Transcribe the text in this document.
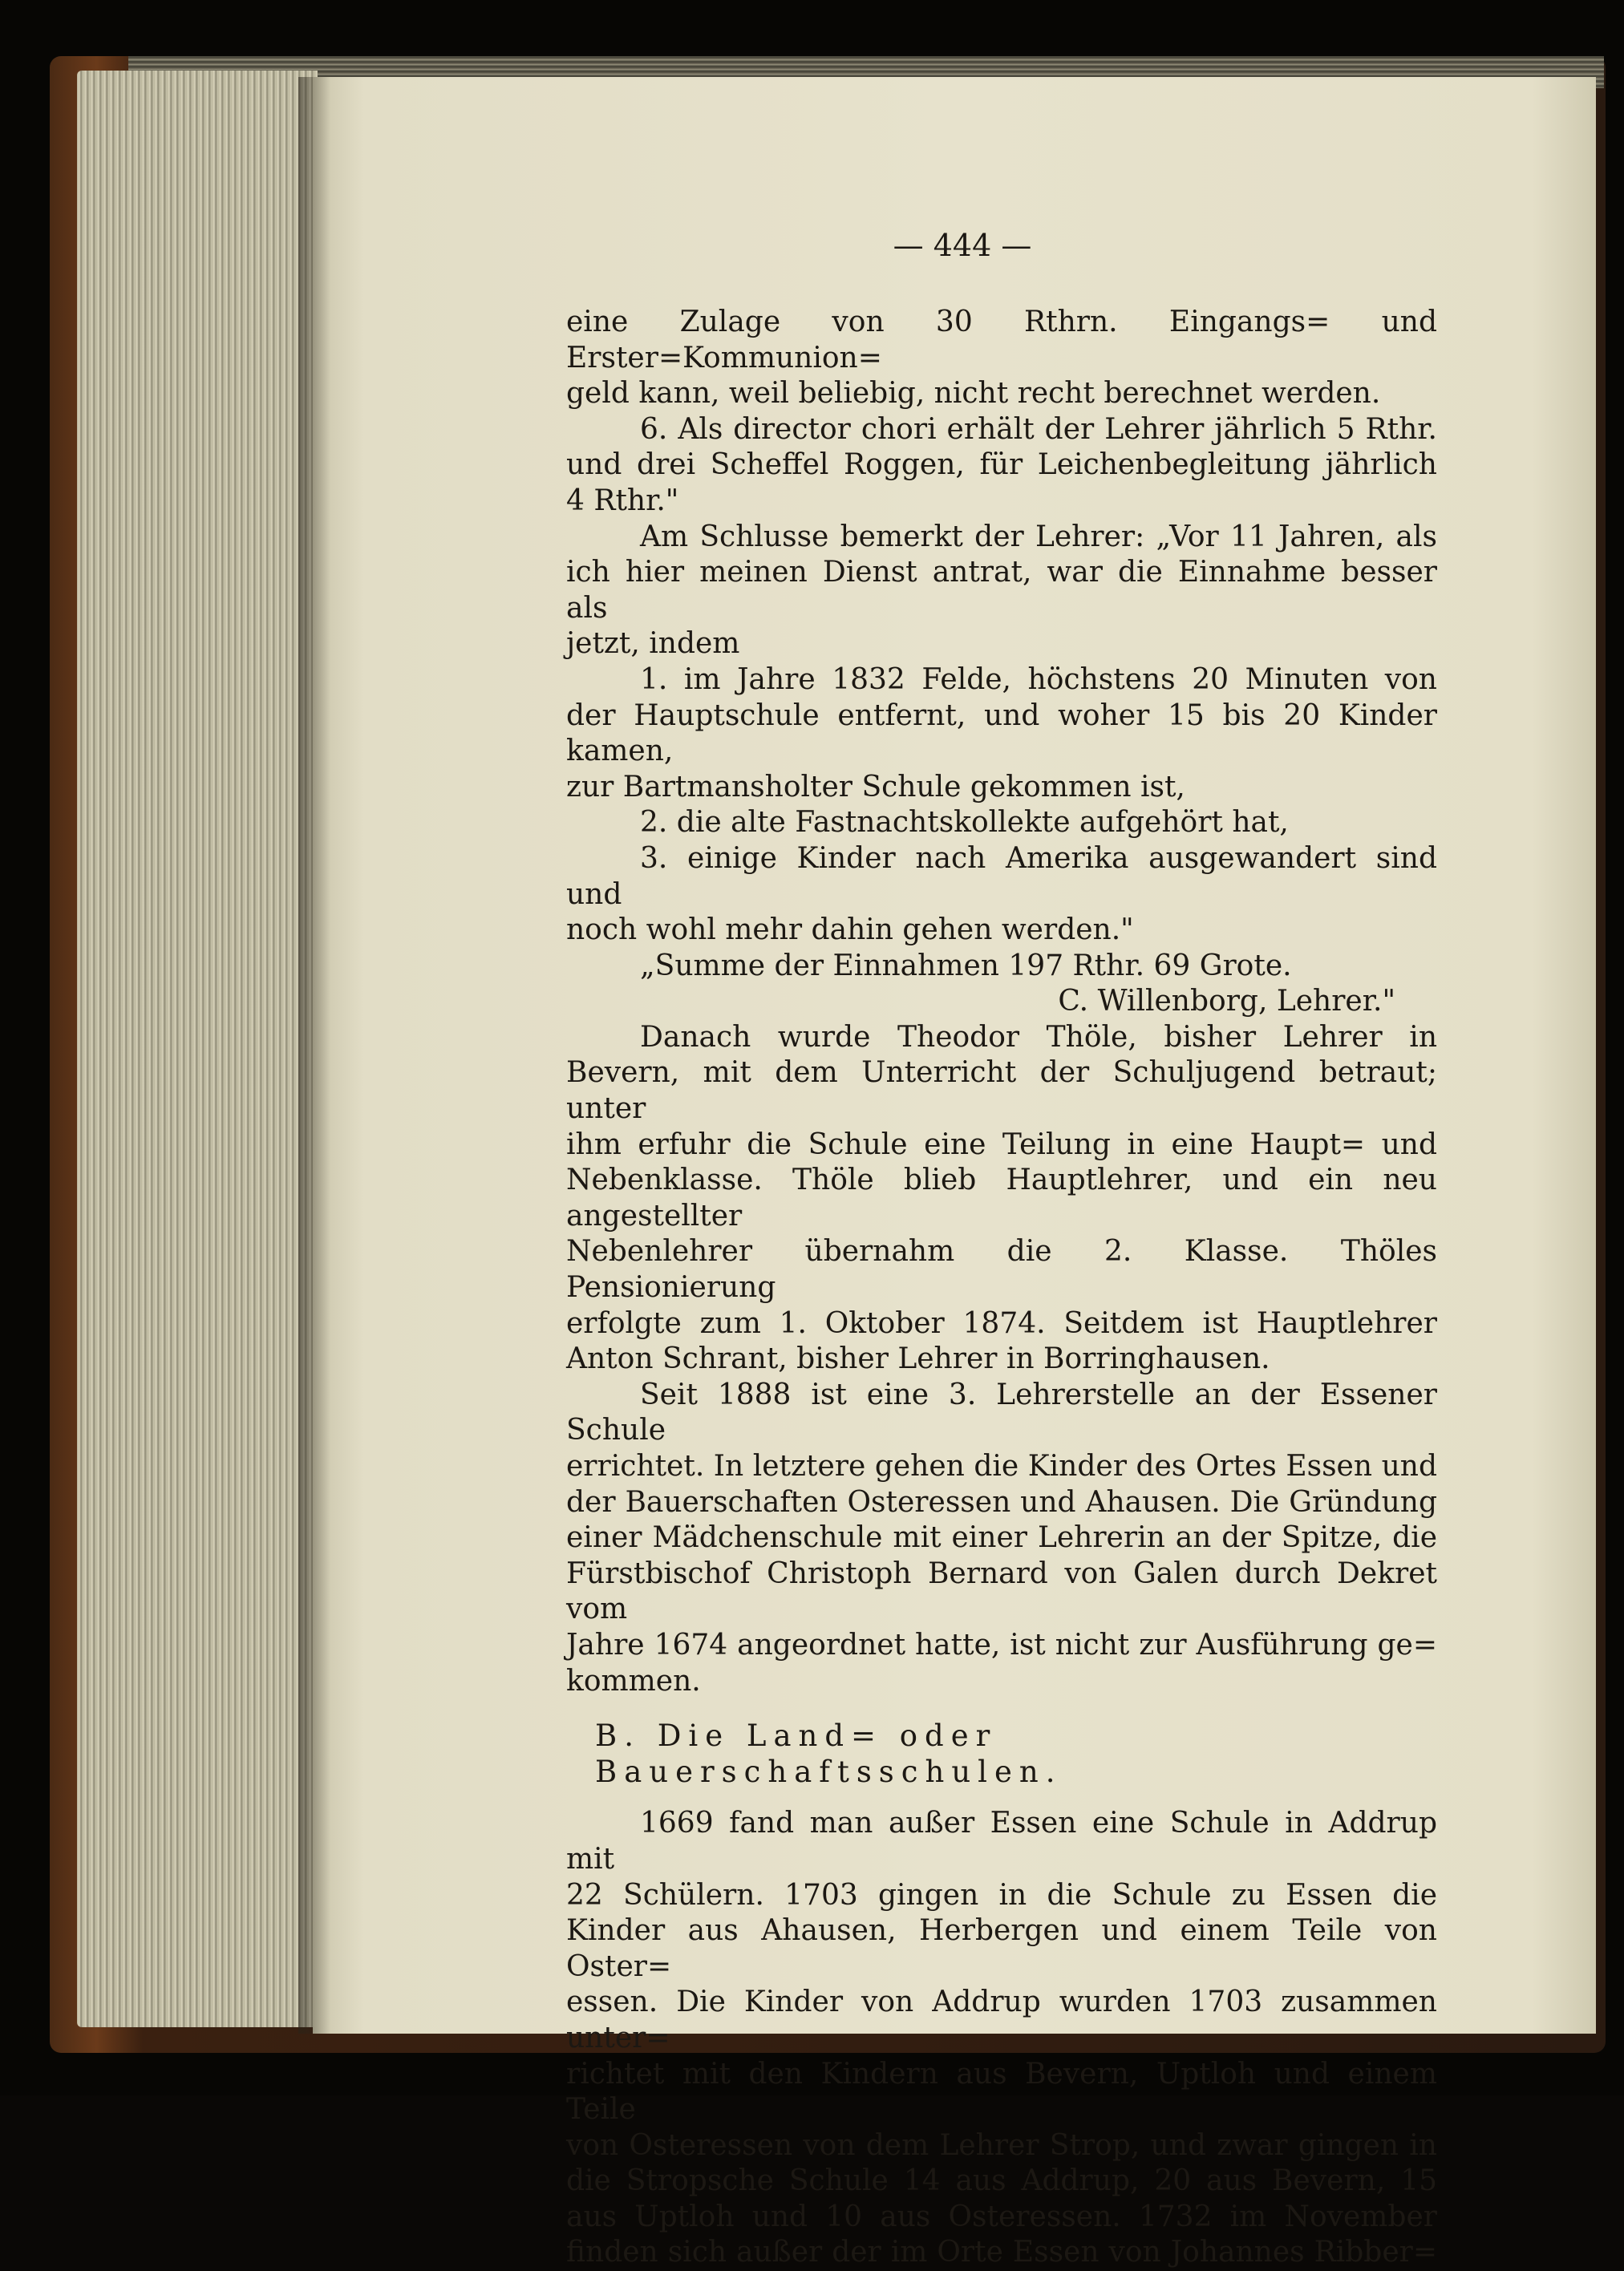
— 444 —

eine Zulage von 30 Rthrn. Eingangs= und Erster=Kommunion=
geld kann, weil beliebig, nicht recht berechnet werden.

6. Als director chori erhält der Lehrer jährlich 5 Rthr.
und drei Scheffel Roggen, für Leichenbegleitung jährlich
4 Rthr."

Am Schlusse bemerkt der Lehrer: „Vor 11 Jahren, als
ich hier meinen Dienst antrat, war die Einnahme besser als
jetzt, indem

1. im Jahre 1832 Felde, höchstens 20 Minuten von
der Hauptschule entfernt, und woher 15 bis 20 Kinder kamen,
zur Bartmansholter Schule gekommen ist,

2. die alte Fastnachtskollekte aufgehört hat,

3. einige Kinder nach Amerika ausgewandert sind und
noch wohl mehr dahin gehen werden."

„Summe der Einnahmen 197 Rthr. 69 Grote.

C. Willenborg, Lehrer."

Danach wurde Theodor Thöle, bisher Lehrer in
Bevern, mit dem Unterricht der Schuljugend betraut; unter
ihm erfuhr die Schule eine Teilung in eine Haupt= und
Nebenklasse. Thöle blieb Hauptlehrer, und ein neu angestellter
Nebenlehrer übernahm die 2. Klasse. Thöles Pensionierung
erfolgte zum 1. Oktober 1874. Seitdem ist Hauptlehrer
Anton Schrant, bisher Lehrer in Borringhausen.

Seit 1888 ist eine 3. Lehrerstelle an der Essener Schule
errichtet. In letztere gehen die Kinder des Ortes Essen und
der Bauerschaften Osteressen und Ahausen. Die Gründung
einer Mädchenschule mit einer Lehrerin an der Spitze, die
Fürstbischof Christoph Bernard von Galen durch Dekret vom
Jahre 1674 angeordnet hatte, ist nicht zur Ausführung ge=
kommen.

B. Die Land= oder Bauerschaftsschulen.

1669 fand man außer Essen eine Schule in Addrup mit
22 Schülern. 1703 gingen in die Schule zu Essen die
Kinder aus Ahausen, Herbergen und einem Teile von Oster=
essen. Die Kinder von Addrup wurden 1703 zusammen unter=
richtet mit den Kindern aus Bevern, Uptloh und einem Teile
von Osteressen von dem Lehrer Strop, und zwar gingen in
die Stropsche Schule 14 aus Addrup, 20 aus Bevern, 15
aus Uptloh und 10 aus Osteressen. 1732 im November
finden sich außer der im Orte Essen von Johannes Ribber=
